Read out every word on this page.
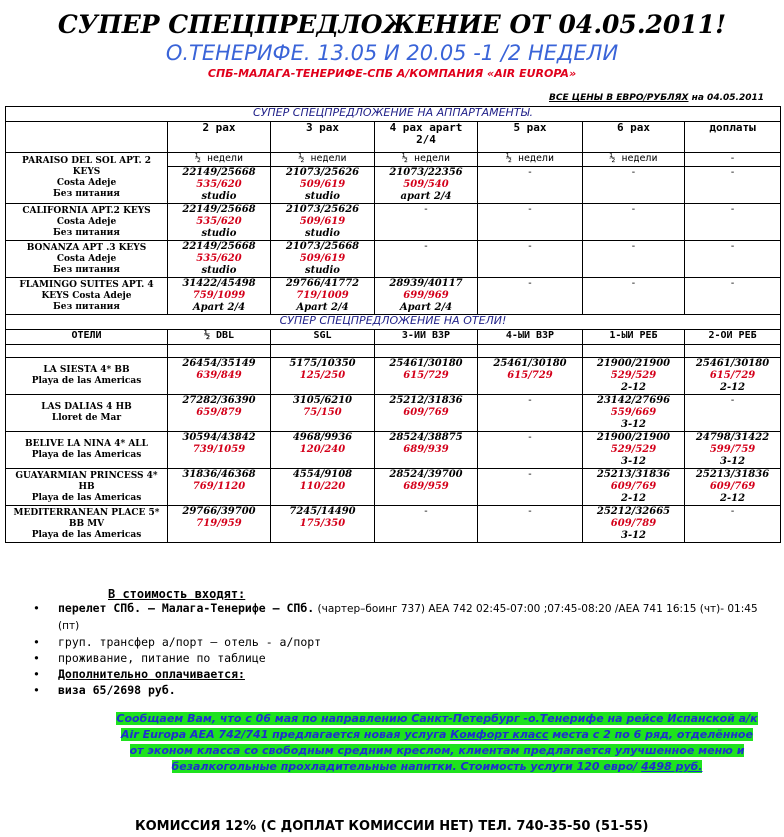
СУПЕР СПЕЦПРЕДЛОЖЕНИЕ ОТ 04.05.2011!
О.ТЕНЕРИФЕ. 13.05 И 20.05 -1 /2 НЕДЕЛИ
СПБ-МАЛАГА-ТЕНЕРИФЕ-СПБ А/КОМПАНИЯ «AIR EUROPA»
ВСЕ ЦЕНЫ В ЕВРО/РУБЛЯХ на 04.05.2011
СУПЕР СПЕЦПРЕДЛОЖЕНИЕ НА АППАРТАМЕНТЫ.						
	2 pax	3 pax	4 pax apart 2/4	5 pax	6 pax	доплаты

PARAISO DEL SOL APT. 2 KEYS
Costa Adeje
Без питания	½ недели	½ недели	½ недели	½ недели	½ недели	-

	22149/25668
535/620
studio	21073/25626
509/619
studio	21073/22356
509/540
apart 2/4	-	-	-

CALIFORNIA APT.2 KEYS
Costa Adeje
Без питания	22149/25668
535/620
studio	21073/25626
509/619
studio	-	-	-	-

BONANZA APT .3 KEYS
Costa Adeje
Без питания	22149/25668
535/620
studio	21073/25668
509/619
studio	-	-	-	-

FLAMINGO SUITES APT. 4 KEYS Costa Adeje
Без питания	31422/45498
759/1099
Apart 2/4	29766/41772
719/1009
Apart 2/4	28939/40117
699/969
Apart 2/4	-	-	-

СУПЕР СПЕЦПРЕДЛОЖЕНИЕ НА ОТЕЛИ!						
ОТЕЛИ	½ DBL	SGL	3-ИЙ ВЗР	4-ЫЙ ВЗР	1-ЫЙ РЕБ	2-ОЙ РЕБ

LA SIESTA 4* BB
Playa de las Americas	26454/35149
639/849	5175/10350
125/250	25461/30180
615/729	25461/30180
615/729	21900/21900
529/529
2-12	25461/30180
615/729
2-12

LAS DALIAS 4 HB
Lloret de Mar	27282/36390
659/879	3105/6210
75/150	25212/31836
609/769	-	23142/27696
559/669
3-12	-

BELIVE LA NINA 4* ALL
Playa de las Americas	30594/43842
739/1059	4968/9936
120/240	28524/38875
689/939	-	21900/21900
529/529
3-12	24798/31422
599/759
3-12

GUAYARMIAN PRINCESS 4* HB
Playa de las Americas	31836/46368
769/1120	4554/9108
110/220	28524/39700
689/959	-	25213/31836
609/769
2-12	25213/31836
609/769
2-12

MEDITERRANEAN PLACE 5* BB MV
Playa de las Americas	29766/39700
719/959	7245/14490
175/350	-	-	25212/32665
609/789
3-12	-
В стоимость входят:
• перелет СПб. – Малага-Тенерифе – СПб. (чартер–боинг 737) AEA 742 02:45-07:00 ;07:45-08:20 /AEA 741 16:15 (чт)- 01:45 (пт)
• груп. трансфер а/порт – отель - а/порт
• проживание, питание по таблице
• Дополнительно оплачивается:
• виза 65/2698 руб.
Сообщаем Вам, что с 06 мая по направлению Санкт-Петербург -о.Тенерифе на рейсе Испанской а/к Air Europa AEA 742/741 предлагается новая услуга Комфорт класс места с 2 по 6 ряд, отделённое от эконом класса со свободным средним креслом, клиентам предлагается улучшенное меню и безалкогольные прохладительные напитки. Стоимость услуги 120 евро/ 4498 руб.
КОМИССИЯ 12% (С ДОПЛАТ КОМИССИИ НЕТ) ТЕЛ. 740-35-50 (51-55)
